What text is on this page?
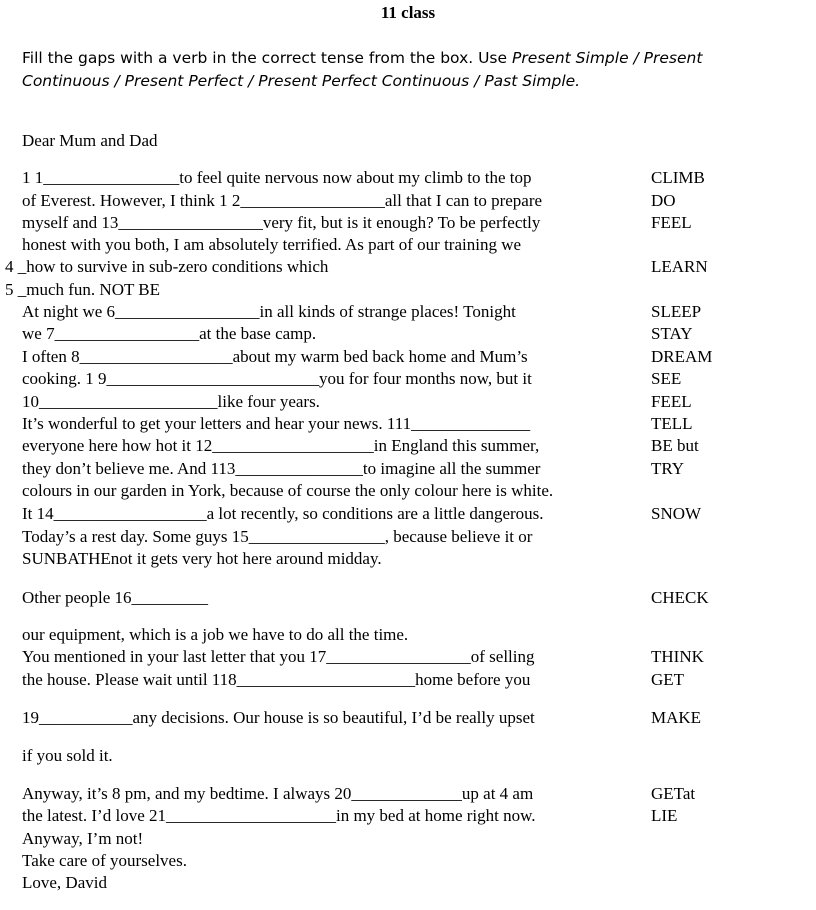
11 class
Fill the gaps with a verb in the correct tense from the box. Use Present Simple / Present Continuous / Present Perfect / Present Perfect Continuous / Past Simple.
Dear Mum and Dad
1 1________________to feel quite nervous now about my climb to the top	CLIMB
of Everest. However, I think 1 2_________________all that I can to prepare	DO
myself and 13_________________very fit, but is it enough? To be perfectly	FEEL
honest with you both, I am absolutely terrified. As part of our training we
4 _how to survive in sub-zero conditions which	LEARN
5 _much fun. NOT BE
At night we 6_________________in all kinds of strange places! Tonight	SLEEP
we 7_________________at the base camp.	STAY
I often 8__________________about my warm bed back home and Mum’s	DREAM
cooking. 1 9_________________________you for four months now, but it	SEE
10_____________________like four years.	FEEL
It’s wonderful to get your letters and hear your news. 111______________	TELL
everyone here how hot it 12___________________in England this summer,	BE but
they don’t believe me. And 113_______________to imagine all the summer	TRY
colours in our garden in York, because of course the only colour here is white.
It 14__________________a lot recently, so conditions are a little dangerous.	SNOW
Today’s a rest day. Some guys 15________________, because believe it or
SUNBATHEnot it gets very hot here around midday.
Other people 16_________	CHECK
our equipment, which is a job we have to do all the time.
You mentioned in your last letter that you 17_________________of selling	THINK
the house. Please wait until 118_____________________home before you	GET
19___________any decisions. Our house is so beautiful, I’d be really upset	MAKE
if you sold it.
Anyway, it’s 8 pm, and my bedtime. I always 20_____________up at 4 am	GETat
the latest. I’d love 21____________________in my bed at home right now.	LIE
Anyway, I’m not!
Take care of yourselves.
Love, David
